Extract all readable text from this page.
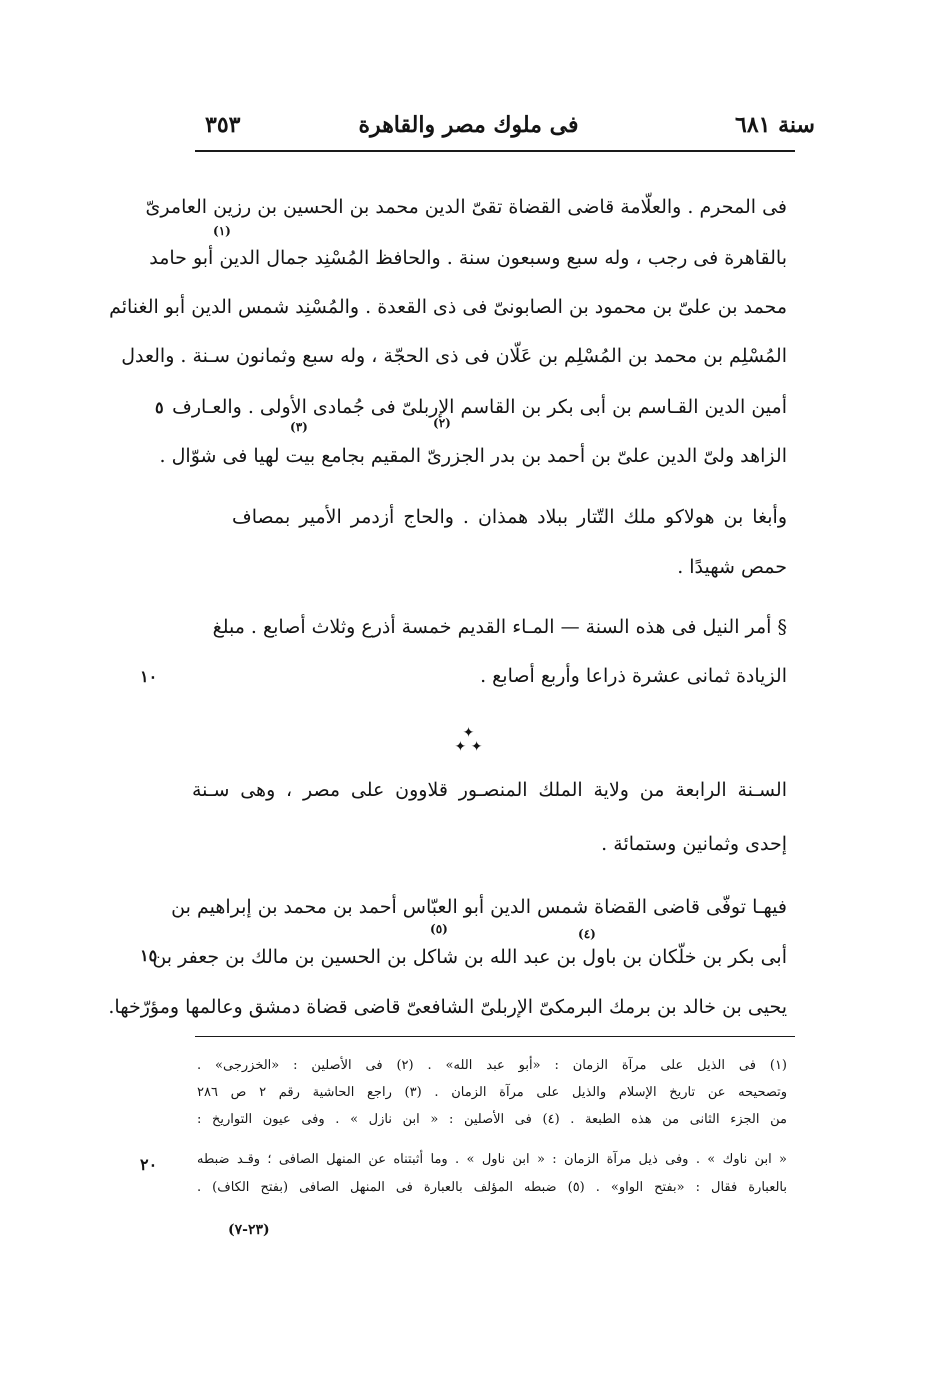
٣٥٣	فى ملوك مصر والقاهرة	سنة ٦٨١
فى المحرم . والعلّامة قاضى القضاة تقىّ الدين محمد بن الحسين بن رزين العامرىّ
بالقاهرة فى رجب ، وله سبع وسبعون سنة . والحافظ المُسْنِد جمال الدين أبو حامد
محمد بن علىّ بن محمود بن الصابونىّ فى ذى القعدة . والمُسْنِد شمس الدين أبو الغنائم
المُسْلِم بن محمد بن المُسْلِم بن عَلّان فى ذى الحجّة ، وله سبع وثمانون سـنة . والعدل
أمين الدين القـاسم بن أبى بكر بن القاسم الإربلىّ فى جُمادى الأولى . والعـارف
الزاهد ولىّ الدين علىّ بن أحمد بن بدر الجزرىّ المقيم بجامع بيت لهيا فى شوّال .
وأبغا بن هولاكو ملك التّتار ببلاد همذان . والحاج أزدمر الأمير بمصاف
حمص شهيدًا .
§ أمر النيل فى هذه السنة — المـاء القديم خمسة أذرع وثلاث أصابع . مبلغ
الزيادة ثمانى عشرة ذراعا وأربع أصابع .
✦
✦ ✦
السـنة الرابعة من ولاية الملك المنصـور قلاوون على مصر ، وهى سـنة
إحدى وثمانين وستمائة .
فيهـا توفّى قاضى القضاة شمس الدين أبو العبّاس أحمد بن محمد بن إبراهيم بن
أبى بكر بن خلّكان بن باول بن عبد الله بن شاكل بن الحسين بن مالك بن جعفر بن
يحيى بن خالد بن برمك البرمكىّ الإربلىّ الشافعىّ قاضى قضاة دمشق وعالمها ومؤرّخها.
(١)
(٢)
(٣)
(٤)
(٥)
٥
١٠
١٥
٢٠
(١) فى الذيل على مرآة الزمان : «أبو عبد الله» . (٢) فى الأصلين : «الخزرجى» .
وتصحيحه عن تاريخ الإسلام والذيل على مرآة الزمان . (٣) راجع الحاشية رقم ٢ ص ٢٨٦
من الجزء الثانى من هذه الطبعة . (٤) فى الأصلين : « ابن نازل » . وفى عيون التواريخ :
« ابن ناوك » . وفى ذيل مرآة الزمان : « ابن ناول » . وما أثبتناه عن المنهل الصافى ؛ وقـد ضبطه
بالعبارة فقال : «بفتح الواو» . (٥) ضبطه المؤلف بالعبارة فى المنهل الصافى (بفتح الكاف) .
(٢٣-٧)
